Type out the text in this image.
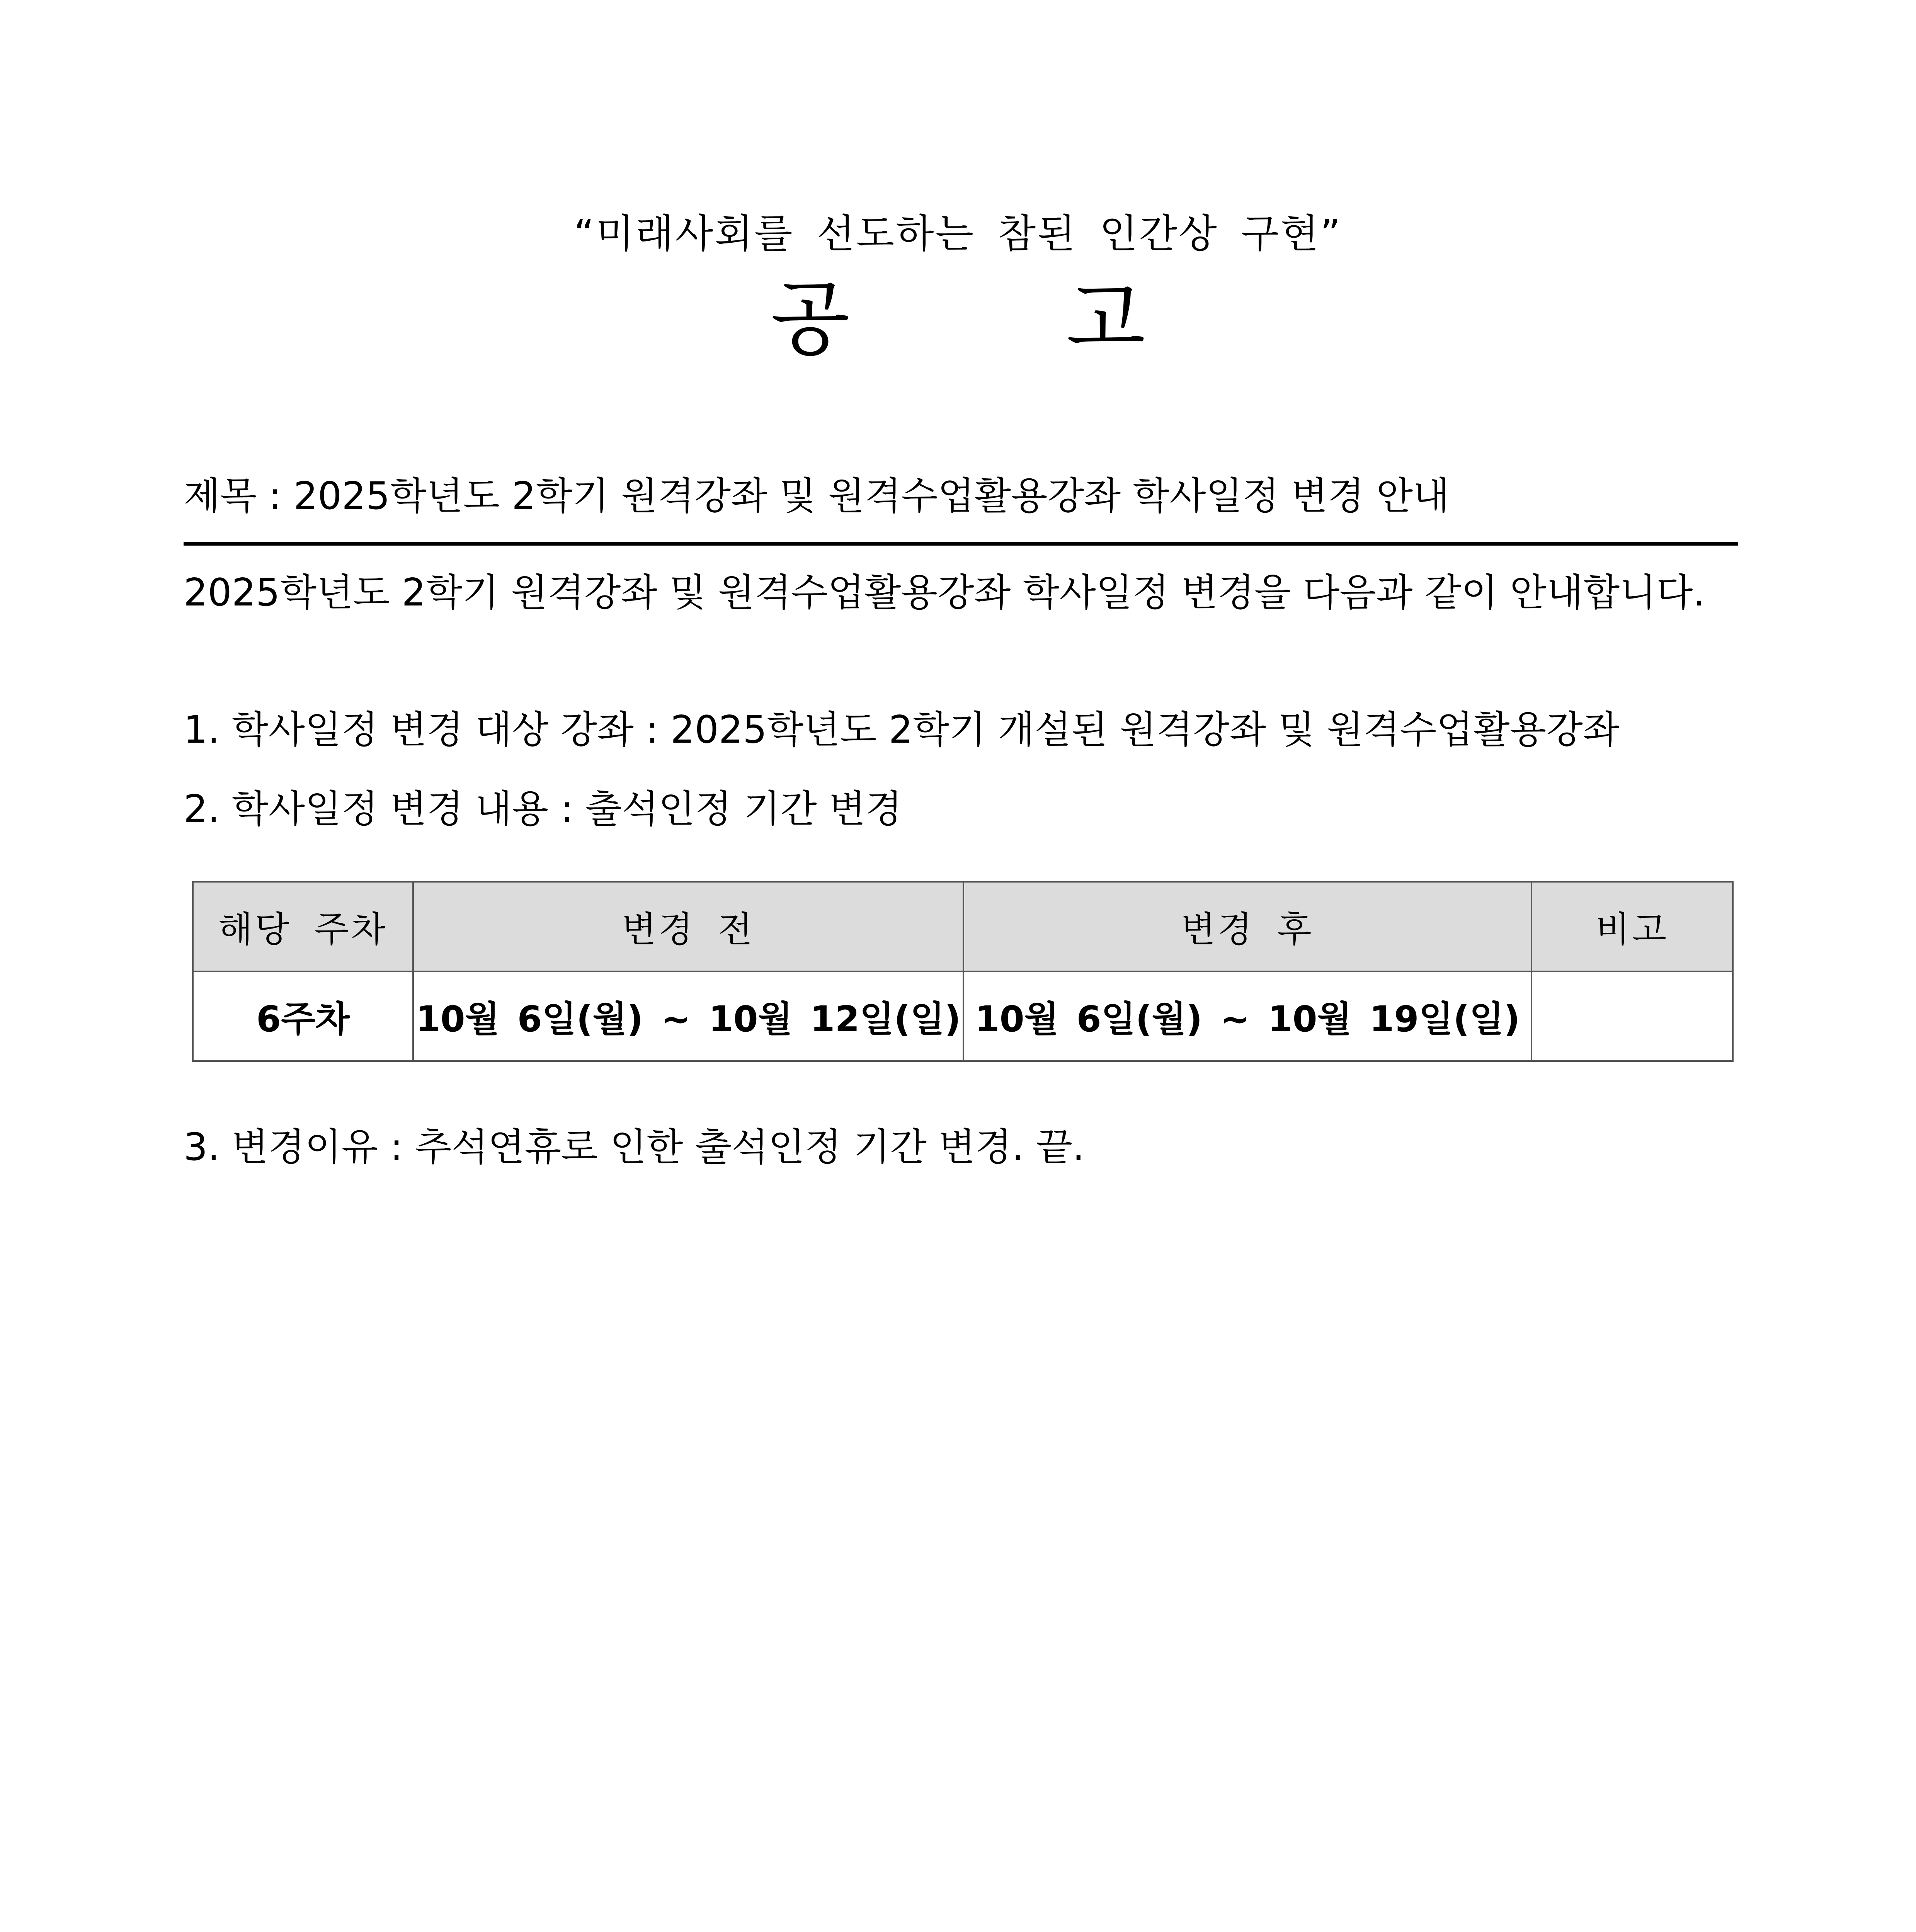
“미래사회를 선도하는 참된 인간상 구현”
공	고
제목 : 2025학년도 2학기 원격강좌 및 원격수업활용강좌 학사일정 변경 안내
2025학년도 2학기 원격강좌 및 원격수업활용강좌 학사일정 변경을 다음과 같이 안내합니다.
1. 학사일정 변경 대상 강좌 : 2025학년도 2학기 개설된 원격강좌 및 원격수업활용강좌
2. 학사일정 변경 내용 : 출석인정 기간 변경
해당 주차	변경 전	변경 후	비고
6주차	10월 6일(월) ~ 10월 12일(일)	10월 6일(월) ~ 10월 19일(일)	
3. 변경이유 : 추석연휴로 인한 출석인정 기간 변경. 끝.
